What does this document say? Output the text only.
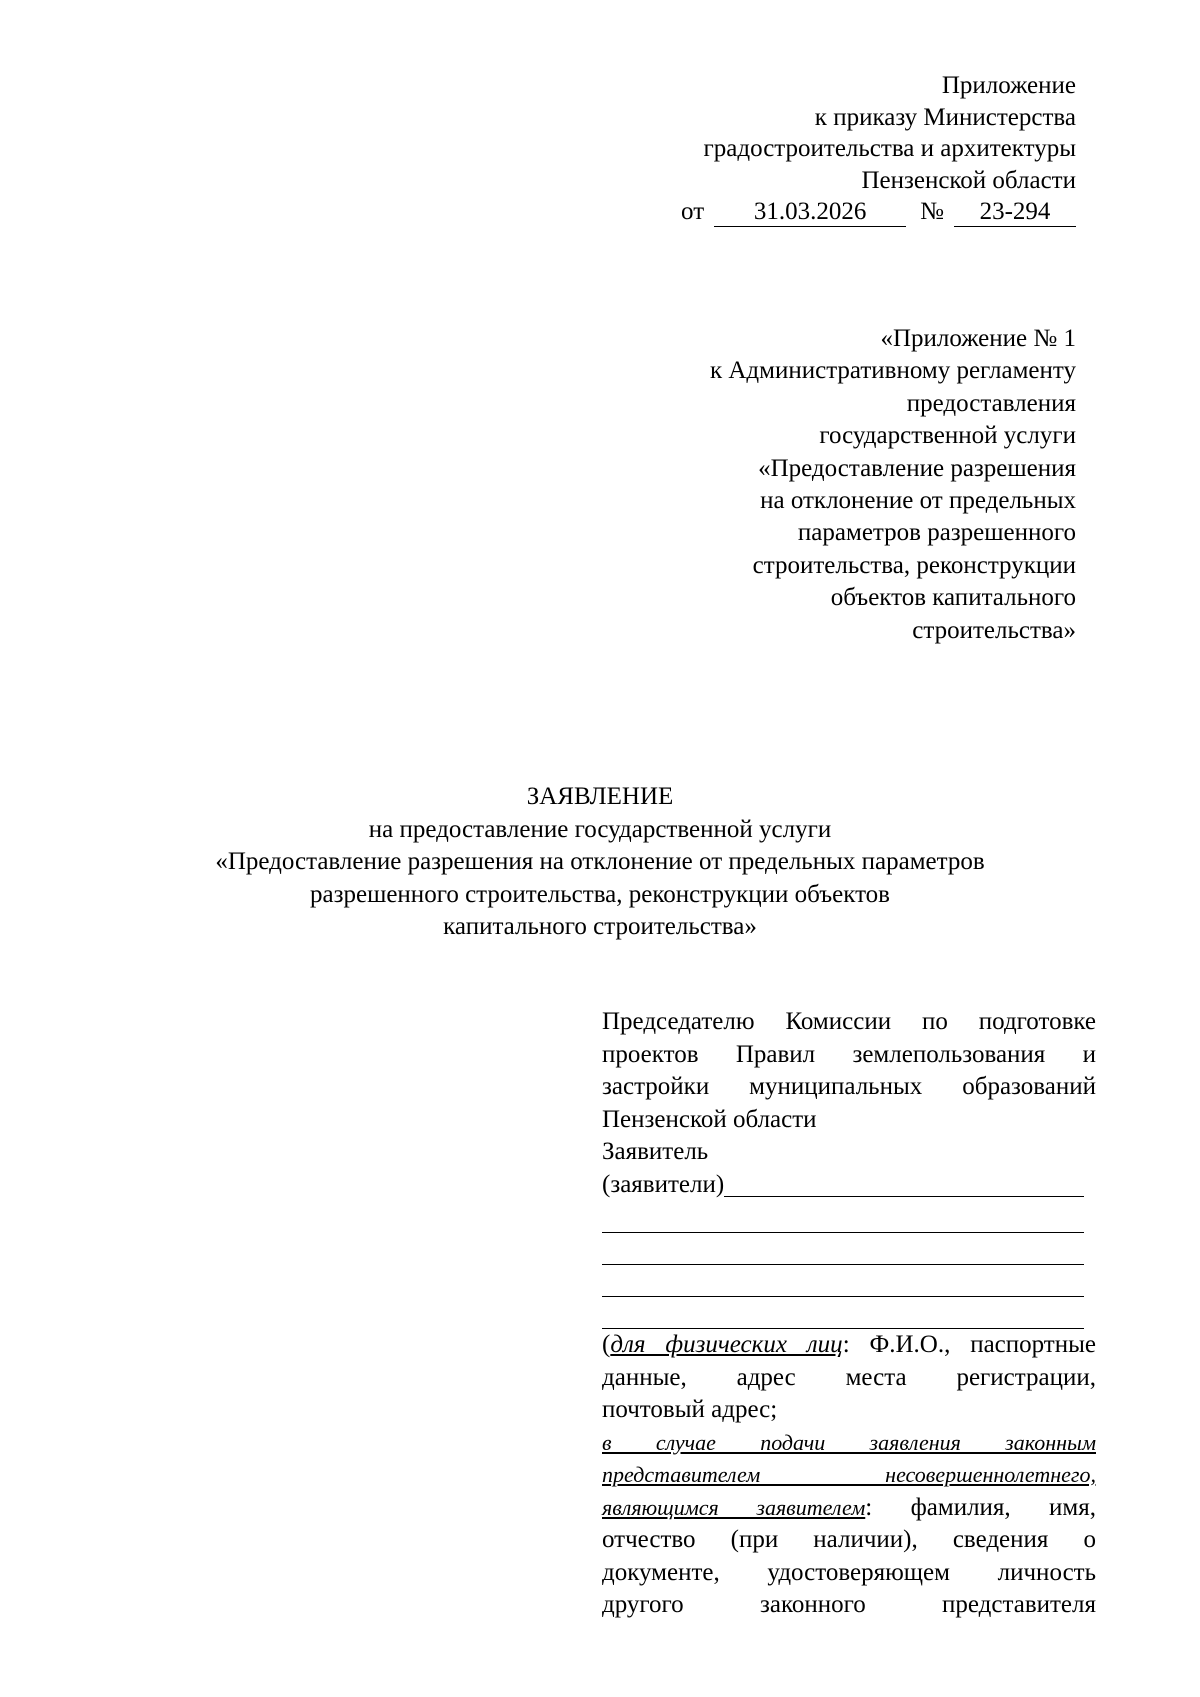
Приложение
к приказу Министерства
градостроительства и архитектуры
Пензенской области
от 31.03.2026 № 23-294
«Приложение № 1
к Административному регламенту
предоставления
государственной услуги
«Предоставление разрешения
на отклонение от предельных
параметров разрешенного
строительства, реконструкции
объектов капитального
строительства»
ЗАЯВЛЕНИЕ
на предоставление государственной услуги
«Предоставление разрешения на отклонение от предельных параметров
разрешенного строительства, реконструкции объектов
капитального строительства»
Председателю Комиссии по подготовке
проектов Правил землепользования и
застройки муниципальных образований
Пензенской области
Заявитель
(заявители)
(для физических лиц: Ф.И.О., паспортные
данные, адрес места регистрации,
почтовый адрес;
в случае подачи заявления законным
представителем несовершеннолетнего,
являющимся заявителем: фамилия, имя,
отчество (при наличии), сведения о
документе, удостоверяющем личность
другого законного представителя
